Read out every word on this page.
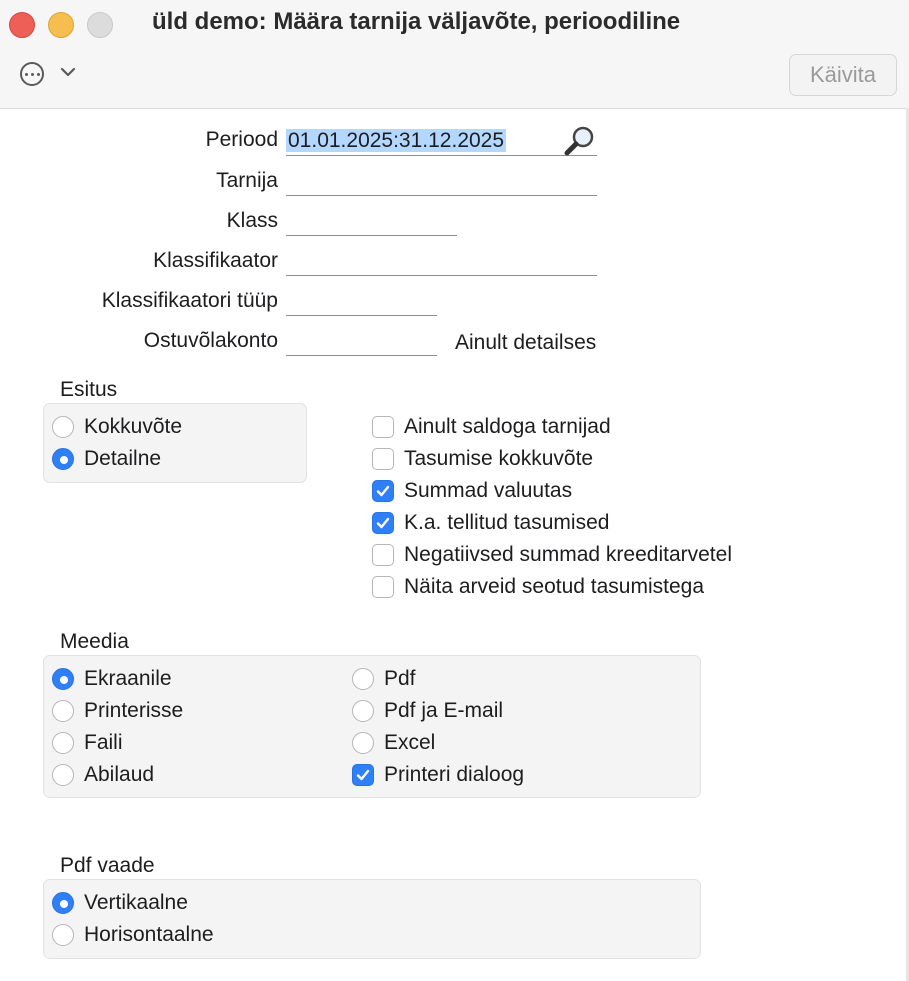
üld demo: Määra tarnija väljavõte, perioodiline
Käivita
Periood 01.01.2025:31.12.2025
Tarnija
Klass
Klassifikaator
Klassifikaatori tüüp
Ostuvõlakonto	Ainult detailses
Esitus
Kokkuvõte
Detailne
Ainult saldoga tarnijad
Tasumise kokkuvõte
Summad valuutas
K.a. tellitud tasumised
Negatiivsed summad kreeditarvetel
Näita arveid seotud tasumistega
Meedia
Ekraanile
Printerisse
Faili
Abilaud
Pdf
Pdf ja E-mail
Excel
Printeri dialoog
Pdf vaade
Vertikaalne
Horisontaalne
